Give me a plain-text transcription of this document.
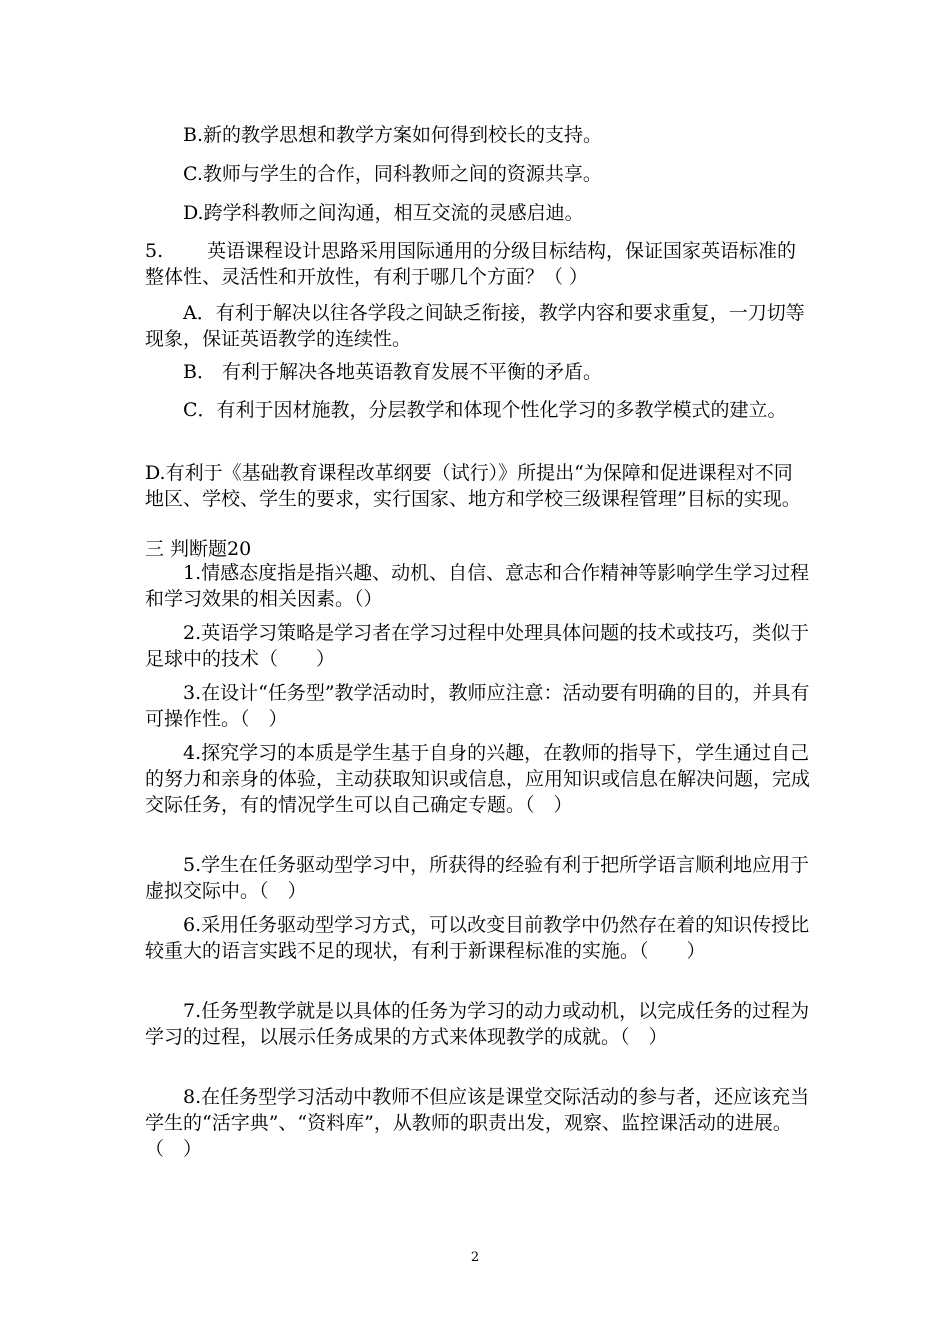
B.新的教学思想和教学方案如何得到校长的支持。
C.教师与学生的合作，同科教师之间的资源共享。
D.跨学科教师之间沟通，相互交流的灵感启迪。
5. 英语课程设计思路采用国际通用的分级目标结构，保证国家英语标准的整体性、灵活性和开放性，有利于哪几个方面？（ ）
A．有利于解决以往各学段之间缺乏衔接，教学内容和要求重复，一刀切等现象，保证英语教学的连续性。
B． 有利于解决各地英语教育发展不平衡的矛盾。
C．有利于因材施教，分层教学和体现个性化学习的多教学模式的建立。
D.有利于《基础教育课程改革纲要（试行）》所提出“为保障和促进课程对不同地区、学校、学生的要求，实行国家、地方和学校三级课程管理”目标的实现。
三 判断题20
1.情感态度指是指兴趣、动机、自信、意志和合作精神等影响学生学习过程和学习效果的相关因素。（）
2.英语学习策略是学习者在学习过程中处理具体问题的技术或技巧，类似于足球中的技术（　　）
3.在设计“任务型”教学活动时，教师应注意：活动要有明确的目的，并具有可操作性。（　）
4.探究学习的本质是学生基于自身的兴趣，在教师的指导下，学生通过自己的努力和亲身的体验，主动获取知识或信息，应用知识或信息在解决问题，完成交际任务，有的情况学生可以自己确定专题。（　）
5.学生在任务驱动型学习中，所获得的经验有利于把所学语言顺利地应用于虚拟交际中。（　）
6.采用任务驱动型学习方式，可以改变目前教学中仍然存在着的知识传授比较重大的语言实践不足的现状，有利于新课程标准的实施。（　　）
7.任务型教学就是以具体的任务为学习的动力或动机，以完成任务的过程为学习的过程，以展示任务成果的方式来体现教学的成就。（　）
8.在任务型学习活动中教师不但应该是课堂交际活动的参与者，还应该充当学生的“活字典”、“资料库”，从教师的职责出发，观察、监控课活动的进展。（　）
2
